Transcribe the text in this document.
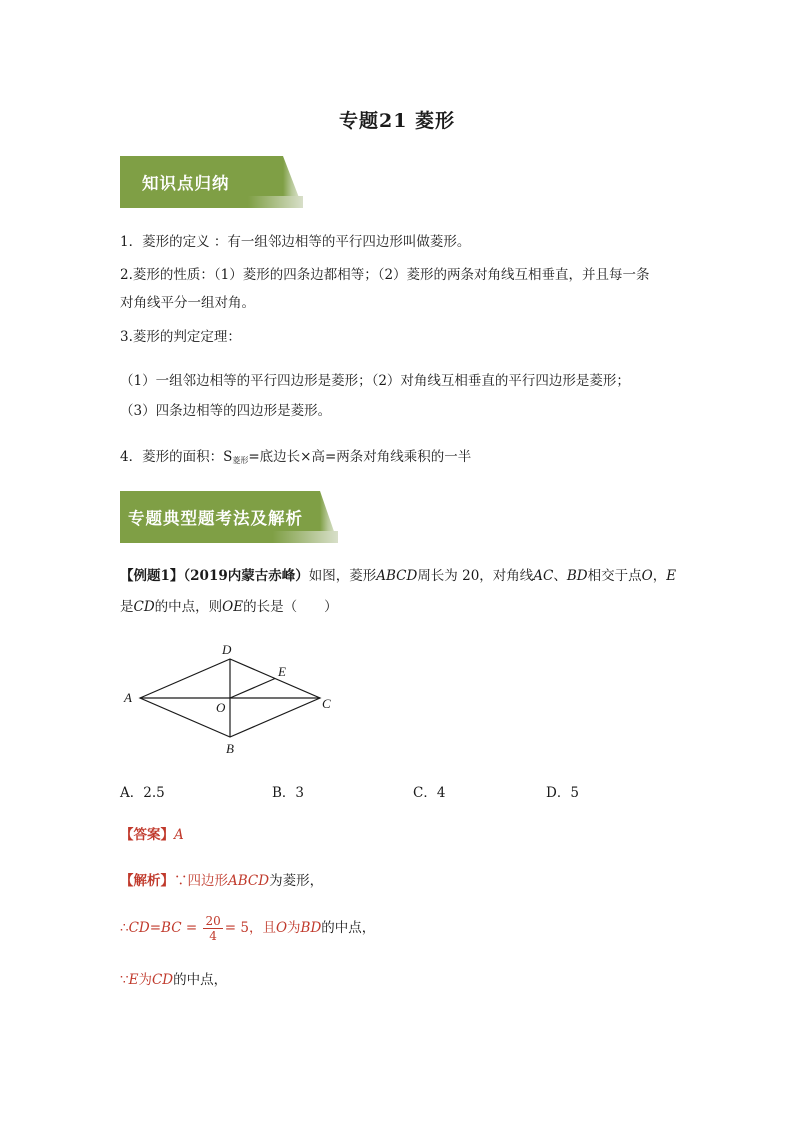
专题21 菱形
知识点归纳
1．菱形的定义 ：有一组邻边相等的平行四边形叫做菱形。
2.菱形的性质：（1）菱形的四条边都相等；（2）菱形的两条对角线互相垂直，并且每一条
对角线平分一组对角。
3.菱形的判定定理：
（1）一组邻边相等的平行四边形是菱形；（2）对角线互相垂直的平行四边形是菱形；
（3）四条边相等的四边形是菱形。
4．菱形的面积：S菱形=底边长×高=两条对角线乘积的一半
专题典型题考法及解析
【例题1】（2019内蒙古赤峰）如图，菱形ABCD周长为 20，对角线AC、BD相交于点O，E
是CD的中点，则OE的长是（　　）
D
A	C
B
E
O
A．2.5	B．3	C．4	D．5
【答案】A
【解析】∵四边形ABCD为菱形，
∴CD=BC = $\frac{20}{4} = 5$，且O为BD的中点，
∵E为CD的中点，
